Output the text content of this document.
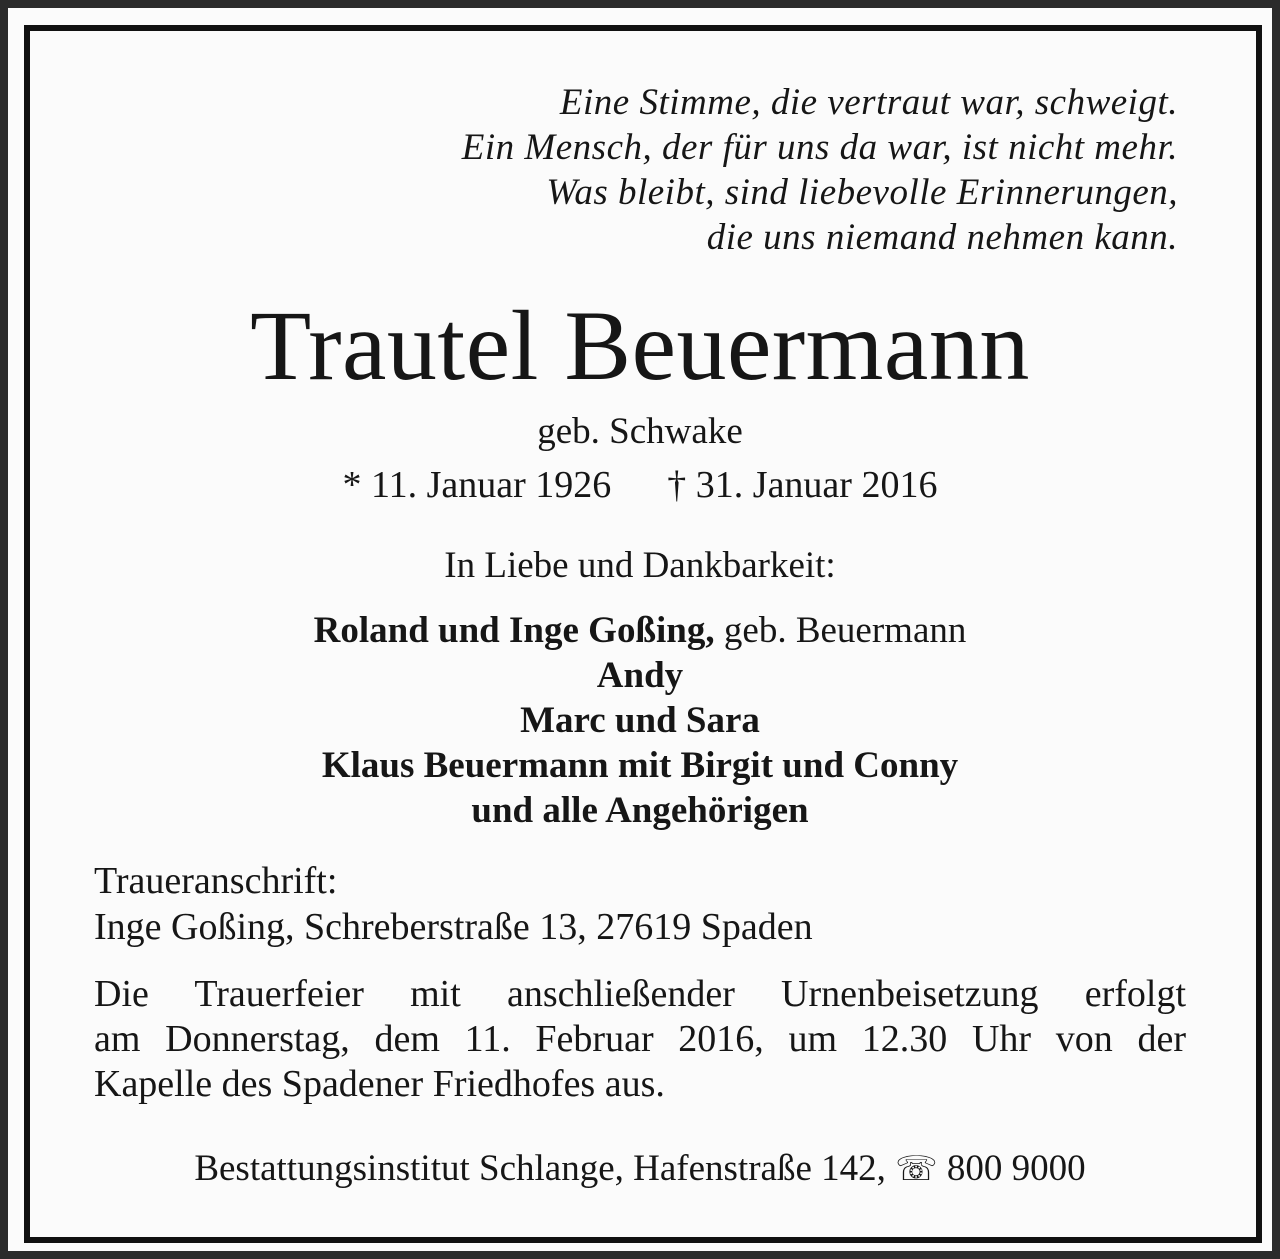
Eine Stimme, die vertraut war, schweigt.
Ein Mensch, der für uns da war, ist nicht mehr.
Was bleibt, sind liebevolle Erinnerungen,
die uns niemand nehmen kann.
Trautel Beuermann
geb. Schwake
* 11. Januar 1926 † 31. Januar 2016
In Liebe und Dankbarkeit:
Roland und Inge Goßing, geb. Beuermann
Andy
Marc und Sara
Klaus Beuermann mit Birgit und Conny
und alle Angehörigen
Traueranschrift:
Inge Goßing, Schreberstraße 13, 27619 Spaden
Die Trauerfeier mit anschließender Urnenbeisetzung erfolgt
am Donnerstag, dem 11. Februar 2016, um 12.30 Uhr von der
Kapelle des Spadener Friedhofes aus.
Bestattungsinstitut Schlange, Hafenstraße 142, ☏ 800 9000
